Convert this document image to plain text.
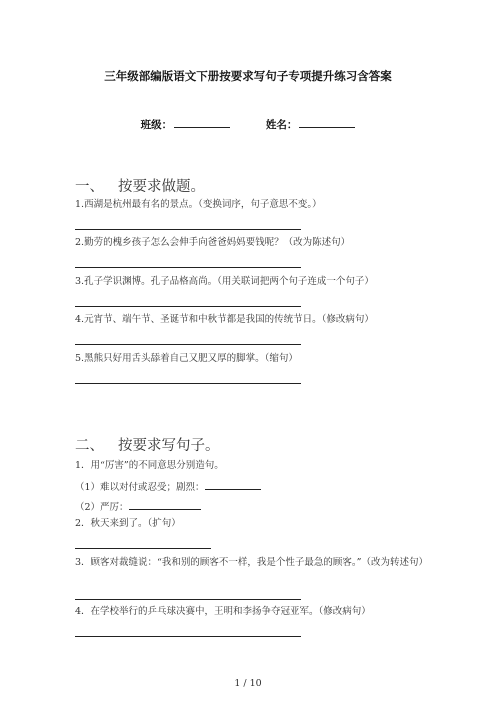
三年级部编版语文下册按要求写句子专项提升练习含答案
班级：	姓名：
一、 按要求做题。
1.西湖是杭州最有名的景点。（变换词序，句子意思不变。）
2.勤劳的槐乡孩子怎么会伸手向爸爸妈妈要钱呢？（改为陈述句）
3.孔子学识渊博。孔子品格高尚。（用关联词把两个句子连成一个句子）
4.元宵节、端午节、圣诞节和中秋节都是我国的传统节日。（修改病句）
5.黑熊只好用舌头舔着自己又肥又厚的脚掌。（缩句）
二、 按要求写句子。
1．用“厉害”的不同意思分别造句。
（1）难以对付或忍受；剧烈：
（2）严厉：
2．秋天来到了。（扩句）
3．顾客对裁缝说：“我和别的顾客不一样，我是个性子最急的顾客。”（改为转述句）
4．在学校举行的乒乓球决赛中，王明和李扬争夺冠亚军。（修改病句）
1 / 10
